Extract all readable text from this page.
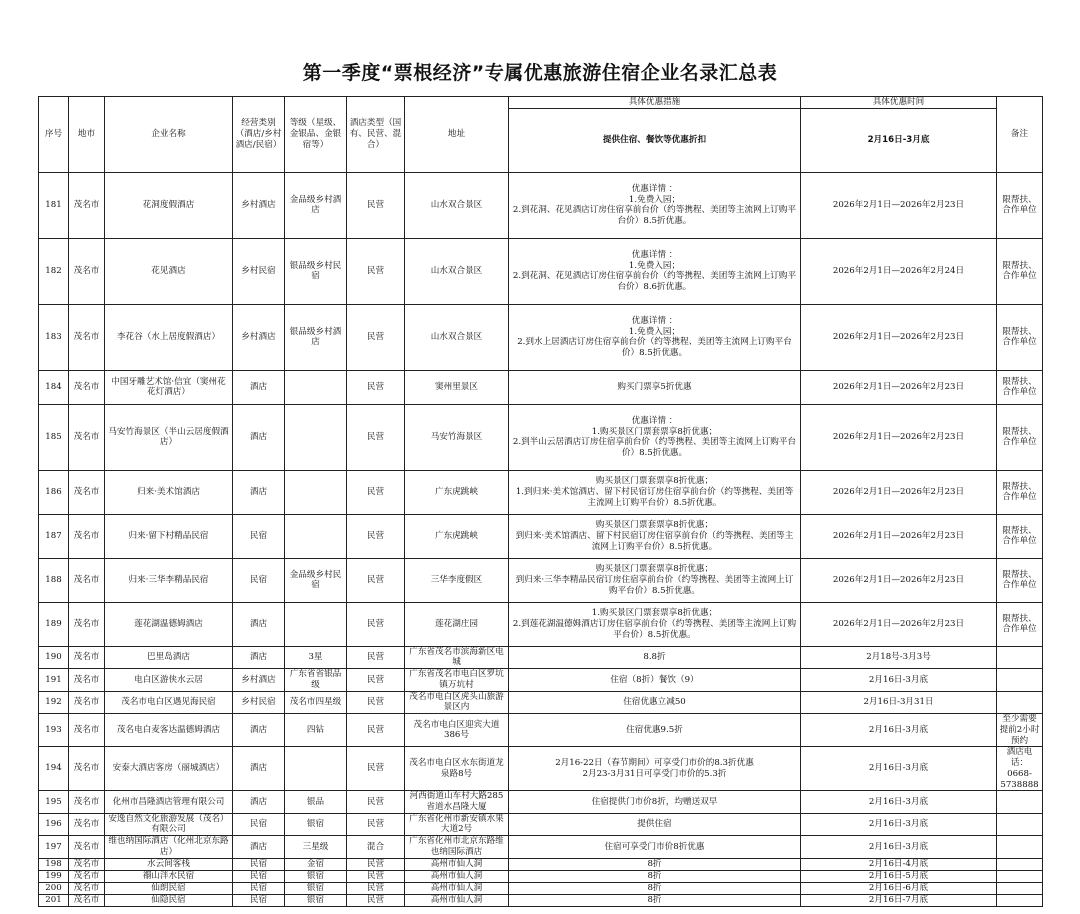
第一季度“票根经济”专属优惠旅游住宿企业名录汇总表
序号	地市	企业名称	经营类别（酒店/乡村酒店/民宿）	等级（星级、金银品、金银宿等）	酒店类型（国有、民营、混合）	地址	具体优惠措施	具体优惠时间	备注
							提供住宿、餐饮等优惠折扣	2月16日-3月底	
181	茂名市	花洞度假酒店	乡村酒店	金品级乡村酒店	民营	山水双合景区	优惠详情 ：
1.免费入园；
2.到花洞、花见酒店订房住宿享前台价（约等携程、美团等主流网上订购平台价）8.5折优惠。	2026年2月1日—2026年2月23日	限帮扶、合作单位
182	茂名市	花见酒店	乡村民宿	银品级乡村民宿	民营	山水双合景区	优惠详情 ：
1.免费入园；
2.到花洞、花见酒店订房住宿享前台价（约等携程、美团等主流网上订购平台价）8.6折优惠。	2026年2月1日—2026年2月24日	限帮扶、合作单位
183	茂名市	李花谷（水上居度假酒店）	乡村酒店	银品级乡村酒店	民营	山水双合景区	优惠详情 ：
1.免费入园；
2.到水上居酒店订房住宿享前台价（约等携程、美团等主流网上订购平台价）8.5折优惠。	2026年2月1日—2026年2月23日	限帮扶、合作单位
184	茂名市	中国牙雕艺术馆·信宜（窦州花花灯酒店）	酒店		民营	窦州里景区	购买门票享5折优惠	2026年2月1日—2026年2月23日	限帮扶、合作单位
185	茂名市	马安竹海景区（半山云居度假酒店）	酒店		民营	马安竹海景区	优惠详情 ：
1.购买景区门票套票享8折优惠；
2.到半山云居酒店订房住宿享前台价（约等携程、美团等主流网上订购平台价）8.5折优惠。	2026年2月1日—2026年2月23日	限帮扶、合作单位
186	茂名市	归来·美术馆酒店	酒店		民营	广东虎跳峡	购买景区门票套票享8折优惠；
1.到归来·美术馆酒店、留下村民宿订房住宿享前台价（约等携程、美团等主流网上订购平台价）8.5折优惠。	2026年2月1日—2026年2月23日	限帮扶、合作单位
187	茂名市	归来·留下村精品民宿	民宿		民营	广东虎跳峡	购买景区门票套票享8折优惠；
到归来·美术馆酒店、留下村民宿订房住宿享前台价（约等携程、美团等主流网上订购平台价）8.5折优惠。	2026年2月1日—2026年2月23日	限帮扶、合作单位
188	茂名市	归来·三华李精品民宿	民宿	金品级乡村民宿	民营	三华李度假区	购买景区门票套票享8折优惠；
到归来·三华李精品民宿订房住宿享前台价（约等携程、美团等主流网上订购平台价）8.5折优惠。	2026年2月1日—2026年2月23日	限帮扶、合作单位
189	茂名市	莲花湖温德姆酒店	酒店		民营	莲花湖庄园	1.购买景区门票套票享8折优惠；
2.到莲花湖温德姆酒店订房住宿享前台价（约等携程、美团等主流网上订购平台价）8.5折优惠。	2026年2月1日—2026年2月23日	限帮扶、合作单位
190	茂名市	巴里岛酒店	酒店	3星	民营	广东省茂名市滨海新区电城	8.8折	2月18号-3月3号	
191	茂名市	电白区游侠水云居	乡村酒店	广东省省银品级	民营	广东省茂名市电白区罗坑镇万坑村	住宿（8折）餐饮（9）	2月16日-3月底	
192	茂名市	茂名市电白区遇见海民宿	乡村民宿	茂名市四星级	民营	茂名市电白区虎头山旅游景区内	住宿优惠立减50	2月16日-3月31日	
193	茂名市	茂名电白麦客达温德姆酒店	酒店	四钻	民营	茂名市电白区迎宾大道386号	住宿优惠9.5折	2月16日-3月底	至少需要提前2小时预约
194	茂名市	安泰大酒店客房（丽城酒店）	酒店		民营	茂名市电白区水东街道龙泉路8号	2月16-22日（春节期间）可享受门市价的8.3折优惠
2月23-3月31日可享受门市价的5.3折	2月16日-3月底	酒店电话：0668-5738888
195	茂名市	化州市昌隆酒店管理有限公司	酒店	银品	民营	河西街道山车村大路285省道水昌隆大厦	住宿提供门市价8折，均赠送双早	2月16日-3月底	
196	茂名市	安逸自然文化旅游发展（茂名）有限公司	民宿	银宿	民营	广东省化州市新安镇水果大道2号	提供住宿	2月16日-3月底	
197	茂名市	维也纳国际酒店（化州北京东路店）	酒店	三星级	混合	广东省化州市北京东路维也纳国际酒店	住宿可享受门市价8折优惠	2月16日-3月底	
198	茂名市	水云间客栈	民宿	金宿	民营	高州市仙人洞	8折	2月16日-4月底	
199	茂名市	禤山泮水民宿	民宿	银宿	民营	高州市仙人洞	8折	2月16日-5月底	
200	茂名市	仙朗民宿	民宿	银宿	民营	高州市仙人洞	8折	2月16日-6月底	
201	茂名市	仙隐民宿	民宿	银宿	民营	高州市仙人洞	8折	2月16日-7月底	
